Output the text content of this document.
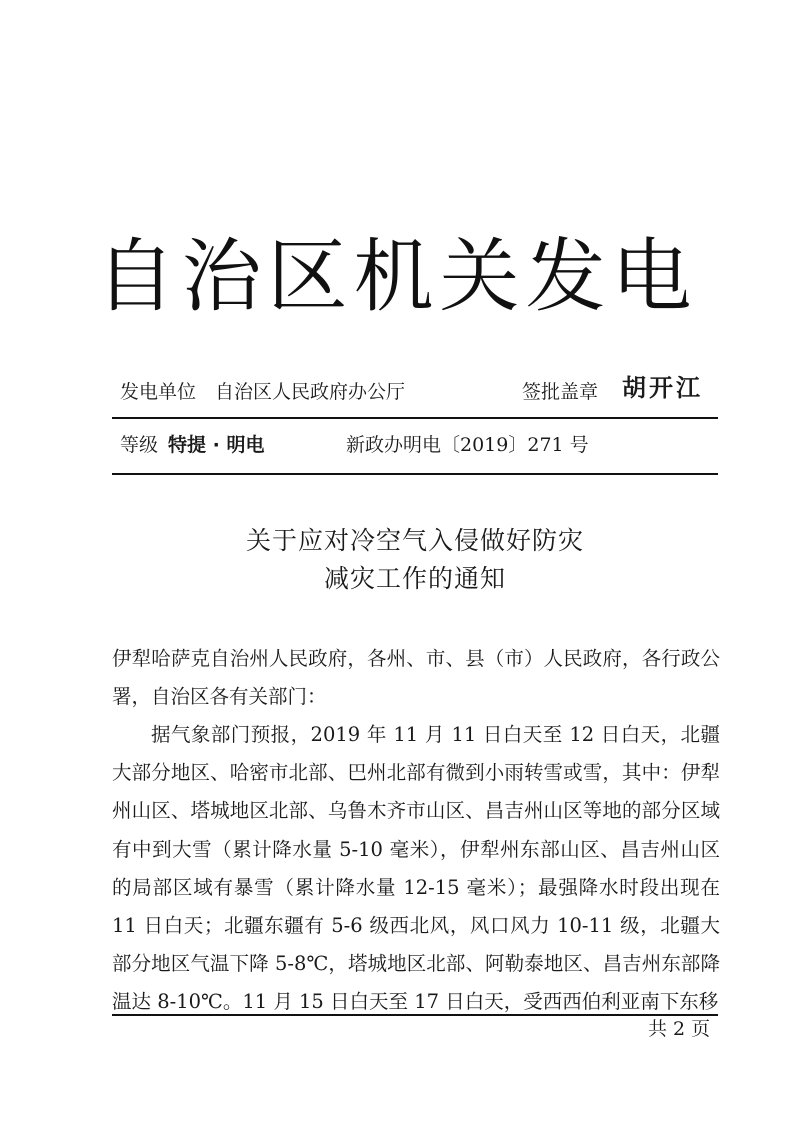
自治区机关发电
发电单位 自治区人民政府办公厅	签批盖章 胡开江
等级 特提 · 明电	新政办明电〔2019〕271 号
关于应对冷空气入侵做好防灾
减灾工作的通知
伊犁哈萨克自治州人民政府，各州、市、县（市）人民政府，各行政公署，自治区各有关部门：
据气象部门预报，2019 年 11 月 11 日白天至 12 日白天，北疆大部分地区、哈密市北部、巴州北部有微到小雨转雪或雪，其中：伊犁州山区、塔城地区北部、乌鲁木齐市山区、昌吉州山区等地的部分区域有中到大雪（累计降水量 5-10 毫米），伊犁州东部山区、昌吉州山区的局部区域有暴雪（累计降水量 12-15 毫米）；最强降水时段出现在 11 日白天；北疆东疆有 5-6 级西北风，风口风力 10-11 级，北疆大部分地区气温下降 5-8℃，塔城地区北部、阿勒泰地区、昌吉州东部降温达 8-10℃。11 月 15 日白天至 17 日白天，受西西伯利亚南下东移
共 2 页
